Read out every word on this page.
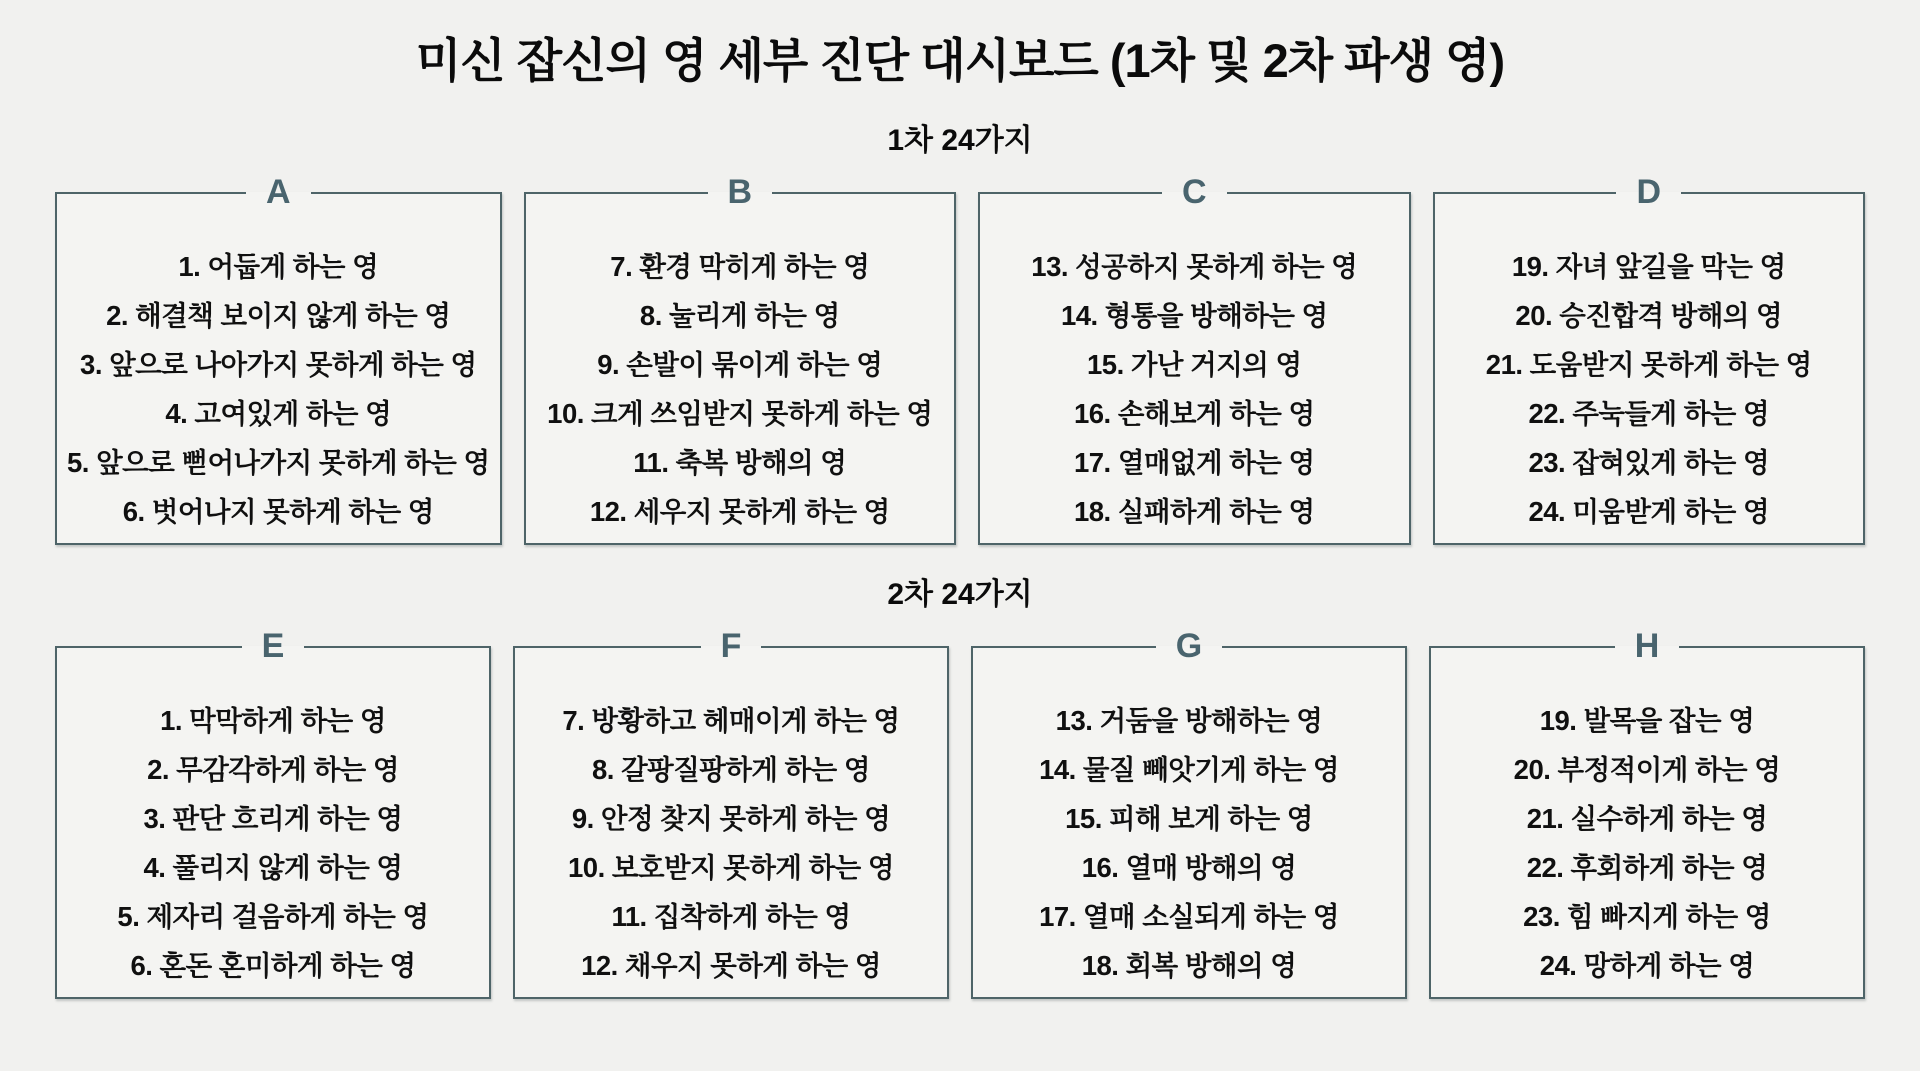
미신 잡신의 영 세부 진단 대시보드 (1차 및 2차 파생 영)
1차 24가지
A
1. 어둡게 하는 영
2. 해결책 보이지 않게 하는 영
3. 앞으로 나아가지 못하게 하는 영
4. 고여있게 하는 영
5. 앞으로 뻗어나가지 못하게 하는 영
6. 벗어나지 못하게 하는 영
B
7. 환경 막히게 하는 영
8. 눌리게 하는 영
9. 손발이 묶이게 하는 영
10. 크게 쓰임받지 못하게 하는 영
11. 축복 방해의 영
12. 세우지 못하게 하는 영
C
13. 성공하지 못하게 하는 영
14. 형통을 방해하는 영
15. 가난 거지의 영
16. 손해보게 하는 영
17. 열매없게 하는 영
18. 실패하게 하는 영
D
19. 자녀 앞길을 막는 영
20. 승진합격 방해의 영
21. 도움받지 못하게 하는 영
22. 주눅들게 하는 영
23. 잡혀있게 하는 영
24. 미움받게 하는 영
2차 24가지
E
1. 막막하게 하는 영
2. 무감각하게 하는 영
3. 판단 흐리게 하는 영
4. 풀리지 않게 하는 영
5. 제자리 걸음하게 하는 영
6. 혼돈 혼미하게 하는 영
F
7. 방황하고 헤매이게 하는 영
8. 갈팡질팡하게 하는 영
9. 안정 찾지 못하게 하는 영
10. 보호받지 못하게 하는 영
11. 집착하게 하는 영
12. 채우지 못하게 하는 영
G
13. 거둠을 방해하는 영
14. 물질 빼앗기게 하는 영
15. 피해 보게 하는 영
16. 열매 방해의 영
17. 열매 소실되게 하는 영
18. 회복 방해의 영
H
19. 발목을 잡는 영
20. 부정적이게 하는 영
21. 실수하게 하는 영
22. 후회하게 하는 영
23. 힘 빠지게 하는 영
24. 망하게 하는 영
